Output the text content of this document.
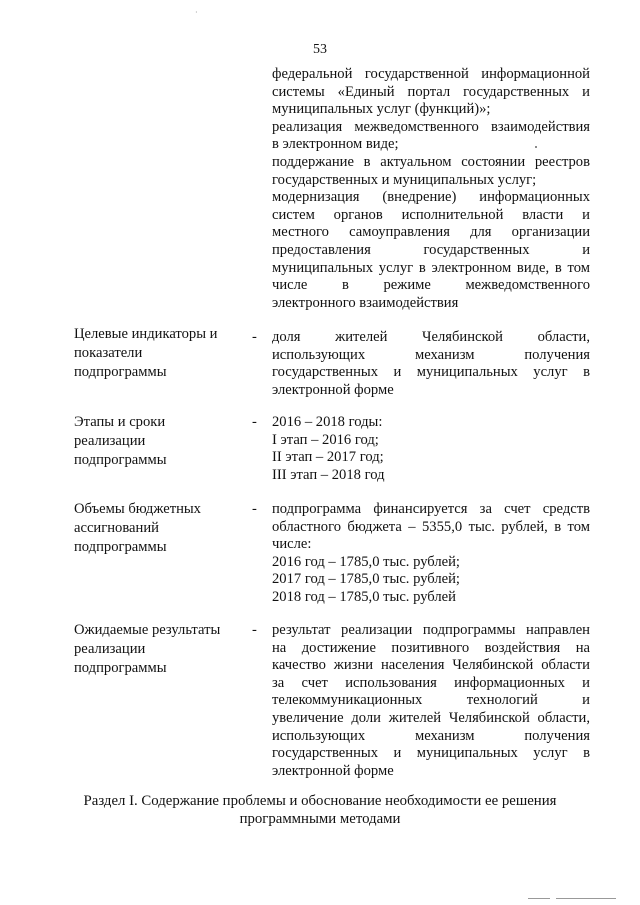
·
53
федеральной государственной информационной
системы «Единый портал государственных и
муниципальных услуг (функций)»;
реализация межведомственного взаимодействия
в электронном виде;
поддержание в актуальном состоянии реестров
государственных и муниципальных услуг;
модернизация (внедрение) информационных
систем органов исполнительной власти и
местного самоуправления для организации
предоставления государственных и
муниципальных услуг в электронном виде, в том
числе в режиме межведомственного
электронного взаимодействия
Целевые индикаторы и
показатели
подпрограммы
- доля жителей Челябинской области,
использующих механизм получения
государственных и муниципальных услуг в
электронной форме
Этапы и сроки
реализации
подпрограммы
- 2016 – 2018 годы:
I этап – 2016 год;
II этап – 2017 год;
III этап – 2018 год
Объемы бюджетных
ассигнований
подпрограммы
- подпрограмма финансируется за счет средств
областного бюджета – 5355,0 тыс. рублей, в том
числе:
2016 год – 1785,0 тыс. рублей;
2017 год – 1785,0 тыс. рублей;
2018 год – 1785,0 тыс. рублей
Ожидаемые результаты
реализации
подпрограммы
- результат реализации подпрограммы направлен
на достижение позитивного воздействия на
качество жизни населения Челябинской области
за счет использования информационных и
телекоммуникационных технологий и
увеличение доли жителей Челябинской области,
использующих механизм получения
государственных и муниципальных услуг в
электронной форме
Раздел I. Содержание проблемы и обоснование необходимости ее решения
программными методами
